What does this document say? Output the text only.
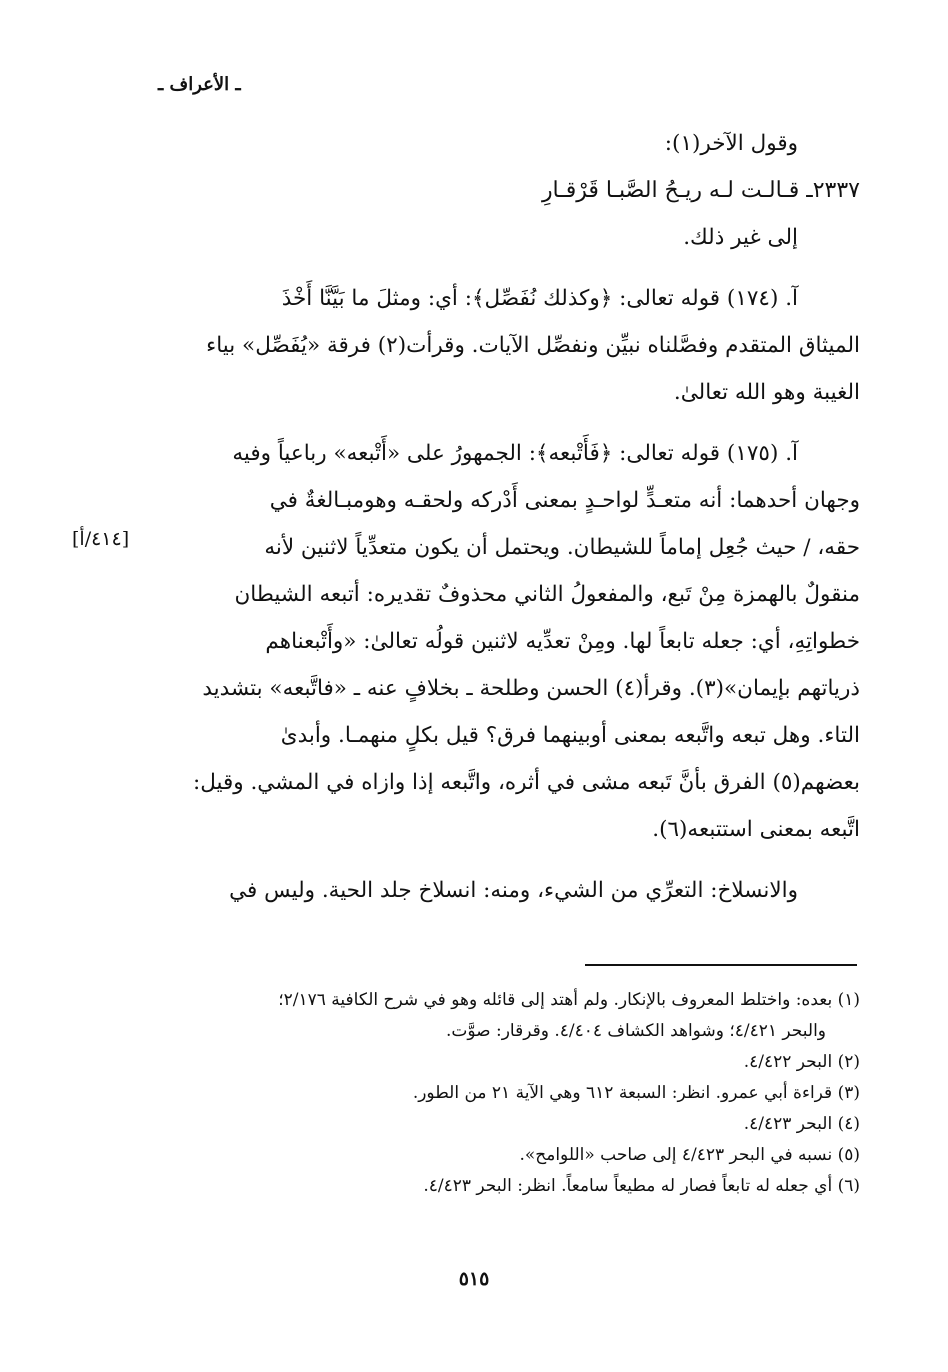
ـ الأعراف ـ

وقول الآخر(١):

٢٣٣٧ـ قـالـت لـه ريـحُ الصَّبـا قَرْقـارِ

إلى غير ذلك.

آ. (١٧٤) قوله تعالى: ﴿وكذلك نُفَصِّل﴾: أي: ومثلَ ما بَيَّنَّا أَخْذَ

الميثاق المتقدم وفصَّلناه نبيِّن ونفصِّل الآيات. وقرأت(٢) فرقة «يُفَصِّل» بياء

الغيبة وهو الله تعالىٰ.

آ. (١٧٥) قوله تعالى: ﴿فَأَتْبعه﴾: الجمهورُ على «أَتْبعه» رباعياً وفيه

وجهان أحدهما: أنه متعـدٍّ لواحـدٍ بمعنى أَدْركه ولحقـه وهومبـالغةٌ في

حقه، / حيث جُعِل إماماً للشيطان. ويحتمل أن يكون متعدِّياً لاثنين لأنه

منقولٌ بالهمزة مِنْ تَبع، والمفعولُ الثاني محذوفٌ تقديره: أتبعه الشيطان

خطواتِهِ، أي: جعله تابعاً لها. ومِنْ تعدِّيه لاثنين قولُه تعالىٰ: «وأَتْبعناهم

ذرياتهم بإيمان»(٣). وقرأ(٤) الحسن وطلحة ـ بخلافٍ عنه ـ «فاتَّبعه» بتشديد

التاء. وهل تبعه واتَّبعه بمعنى أوبينهما فرق؟ قيل بكلٍ منهمـا. وأبدىٰ

بعضهم(٥) الفرق بأنَّ تَبعه مشى في أثره، واتَّبعه إذا وازاه في المشي. وقيل:

اتَّبعه بمعنى استتبعه(٦).

والانسلاخ: التعرِّي من الشيء، ومنه: انسلاخ جلد الحية. وليس في

[٤١٤/أ]

(١) بعده: واختلط المعروف بالإنكار. ولم أهتد إلى قائله وهو في شرح الكافية ٢/١٧٦؛

والبحر ٤/٤٢١؛ وشواهد الكشاف ٤/٤٠٤. وقرقار: صوَّت.

(٢) البحر ٤/٤٢٢.

(٣) قراءة أبي عمرو. انظر: السبعة ٦١٢ وهي الآية ٢١ من الطور.

(٤) البحر ٤/٤٢٣.

(٥) نسبه في البحر ٤/٤٢٣ إلى صاحب «اللوامح».

(٦) أي جعله له تابعاً فصار له مطيعاً سامعاً. انظر: البحر ٤/٤٢٣.

٥١٥
